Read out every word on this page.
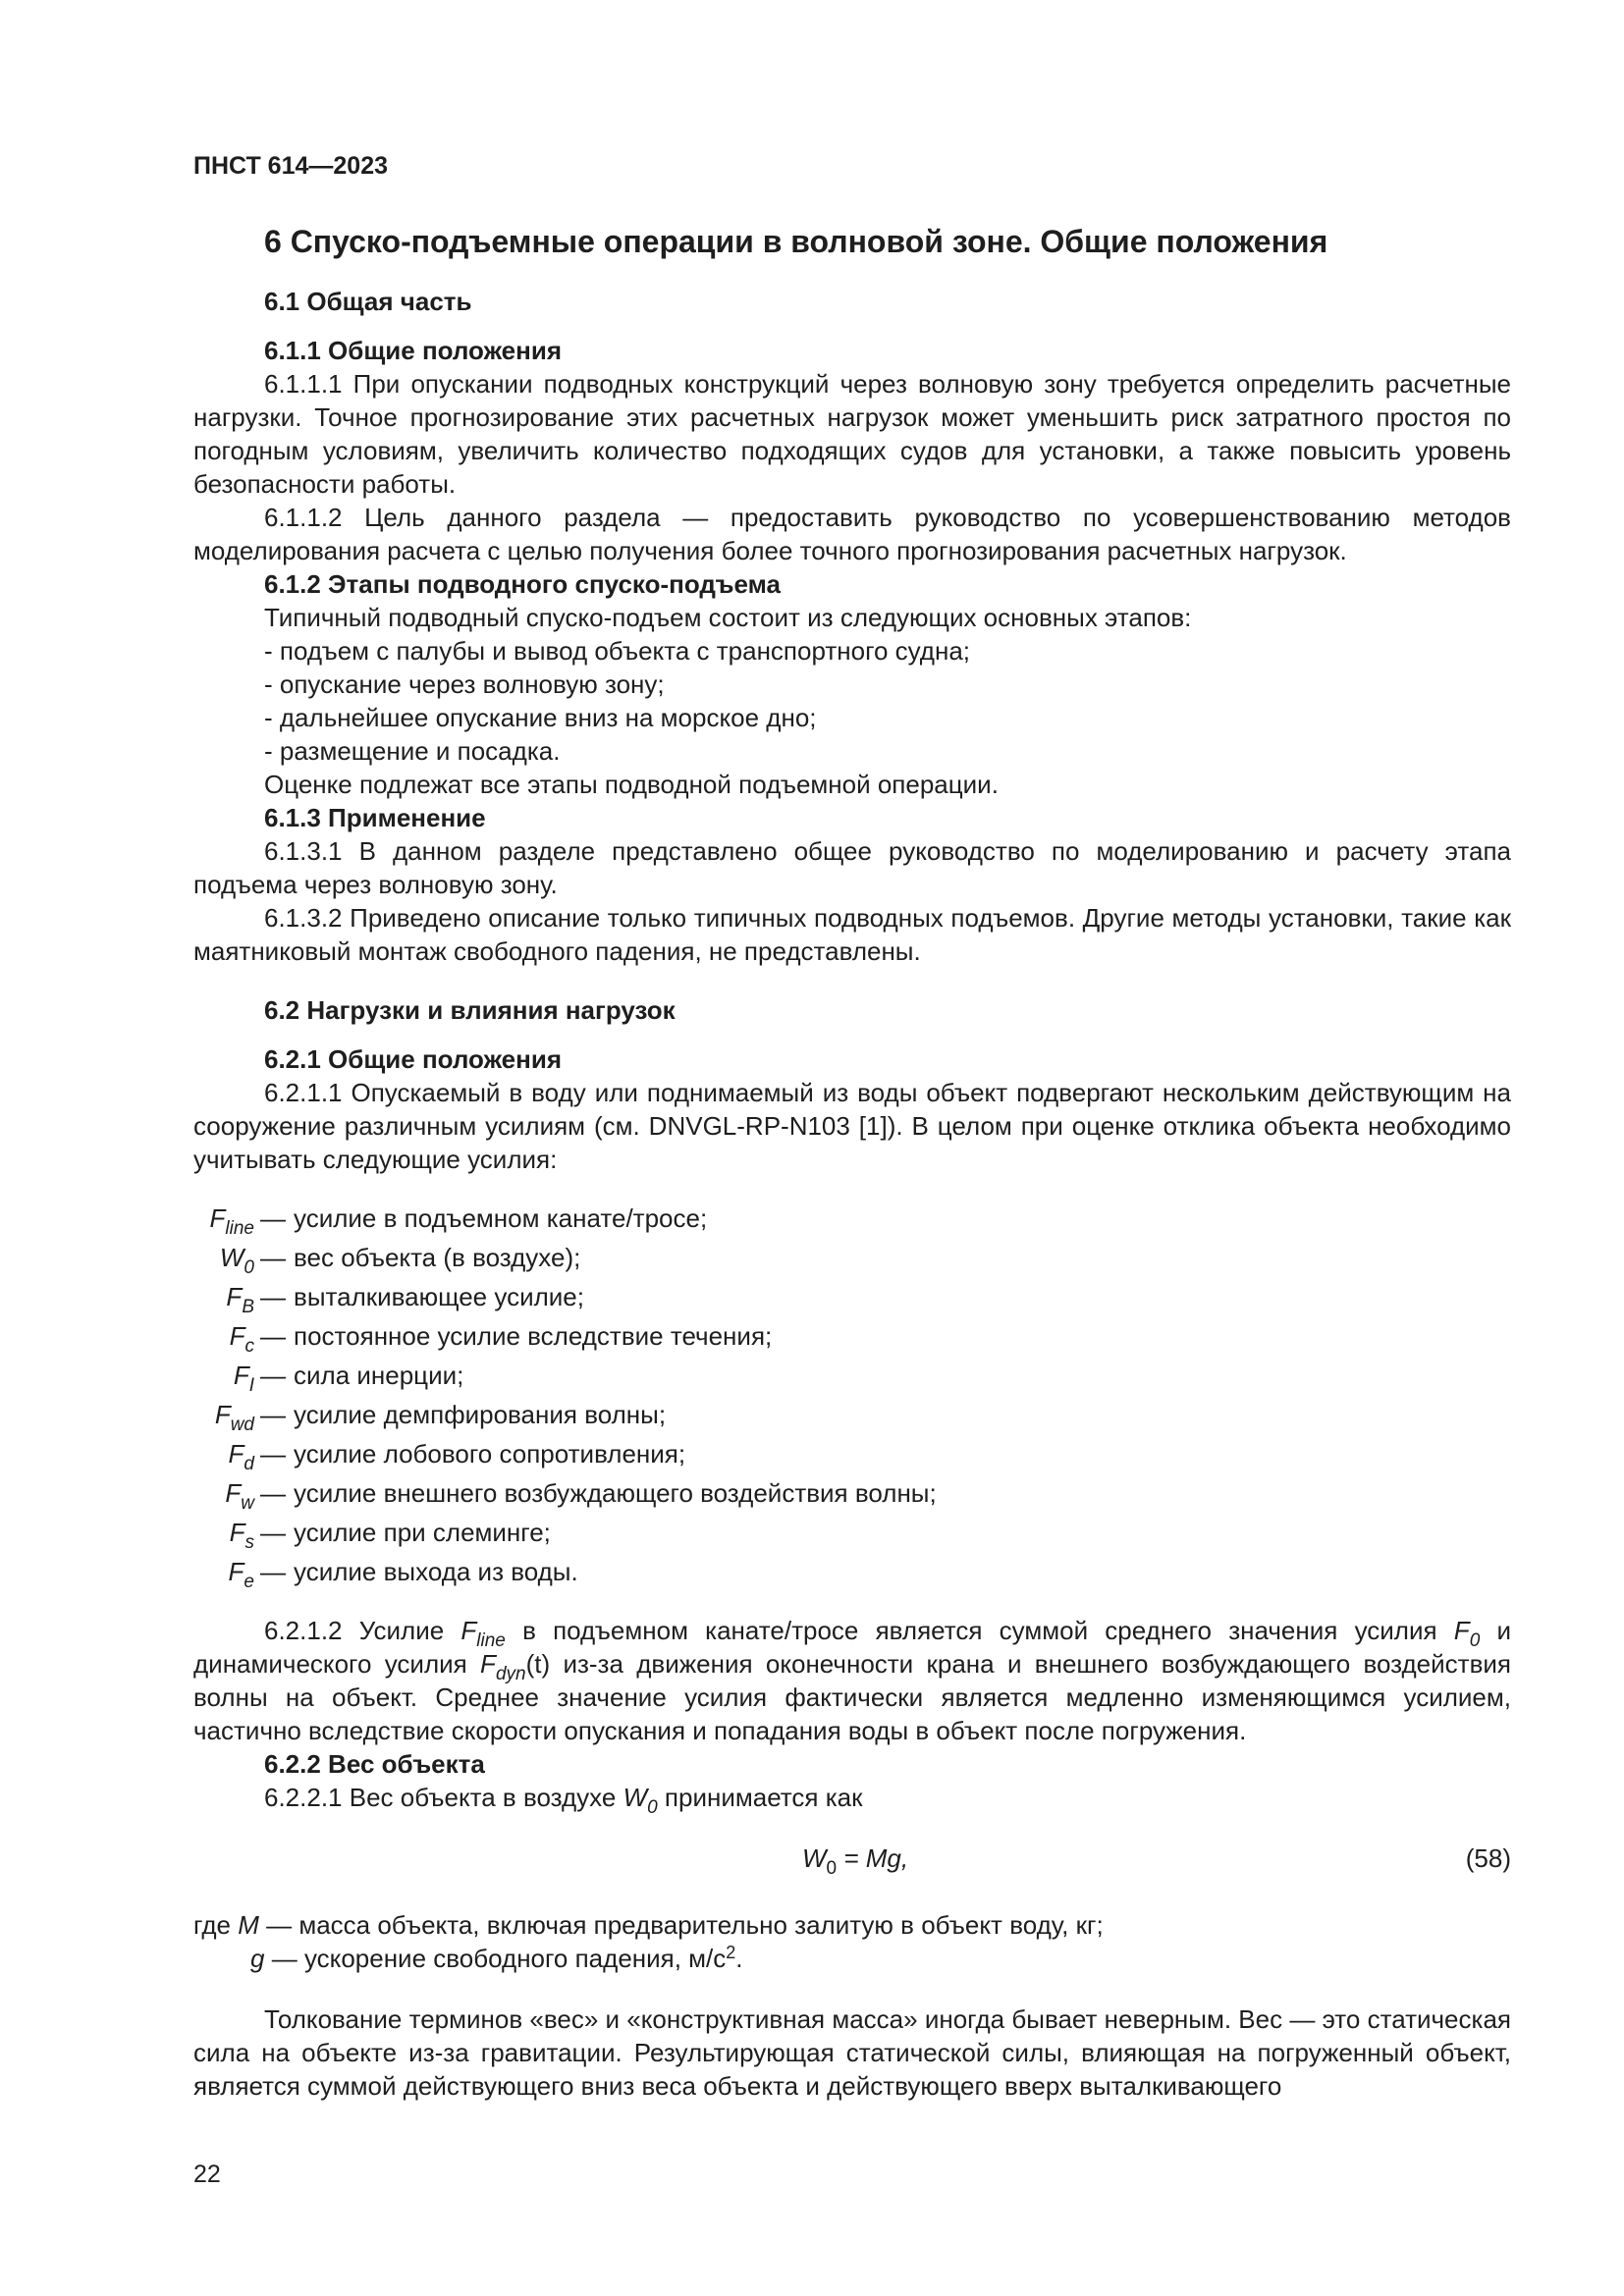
ПНСТ 614—2023
6 Спуско-подъемные операции в волновой зоне. Общие положения
6.1 Общая часть
6.1.1 Общие положения

6.1.1.1 При опускании подводных конструкций через волновую зону требуется определить расчетные нагрузки. Точное прогнозирование этих расчетных нагрузок может уменьшить риск затратного простоя по погодным условиям, увеличить количество подходящих судов для установки, а также повысить уровень безопасности работы.

6.1.1.2 Цель данного раздела — предоставить руководство по усовершенствованию методов моделирования расчета с целью получения более точного прогнозирования расчетных нагрузок.

6.1.2 Этапы подводного спуско-подъема
Типичный подводный спуско-подъем состоит из следующих основных этапов:
- подъем с палубы и вывод объекта с транспортного судна;
- опускание через волновую зону;
- дальнейшее опускание вниз на морское дно;
- размещение и посадка.
Оценке подлежат все этапы подводной подъемной операции.
6.1.3 Применение

6.1.3.1 В данном разделе представлено общее руководство по моделированию и расчету этапа подъема через волновую зону.

6.1.3.2 Приведено описание только типичных подводных подъемов. Другие методы установки, такие как маятниковый монтаж свободного падения, не представлены.

6.2 Нагрузки и влияния нагрузок
6.2.1 Общие положения

6.2.1.1 Опускаемый в воду или поднимаемый из воды объект подвергают нескольким действующим на сооружение различным усилиям (см. DNVGL-RP-N103 [1]). В целом при оценке отклика объекта необходимо учитывать следующие усилия:

$F_{line}$ — усилие в подъемном канате/тросе;
$W_0$ — вес объекта (в воздухе);
$F_B$ — выталкивающее усилие;
$F_c$ — постоянное усилие вследствие течения;
$F_I$ — сила инерции;
$F_{wd}$ — усилие демпфирования волны;
$F_d$ — усилие лобового сопротивления;
$F_w$ — усилие внешнего возбуждающего воздействия волны;
$F_s$ — усилие при слеминге;
$F_e$ — усилие выхода из воды.

6.2.1.2 Усилие $F_{line}$ в подъемном канате/тросе является суммой среднего значения усилия $F_0$ и динамического усилия $F_{dyn}(t)$ из-за движения оконечности крана и внешнего возбуждающего воздействия волны на объект. Среднее значение усилия фактически является медленно изменяющимся усилием, частично вследствие скорости опускания и попадания воды в объект после погружения.

6.2.2 Вес объекта

6.2.2.1 Вес объекта в воздухе $W_0$ принимается как

$W_0 = Mg$,	(58)
где M — масса объекта, включая предварительно залитую в объект воду, кг;
g — ускорение свободного падения, $м/с^2$.

Толкование терминов «вес» и «конструктивная масса» иногда бывает неверным. Вес — это статическая сила на объекте из-за гравитации. Результирующая статической силы, влияющая на погруженный объект, является суммой действующего вниз веса объекта и действующего вверх выталкивающего

22
